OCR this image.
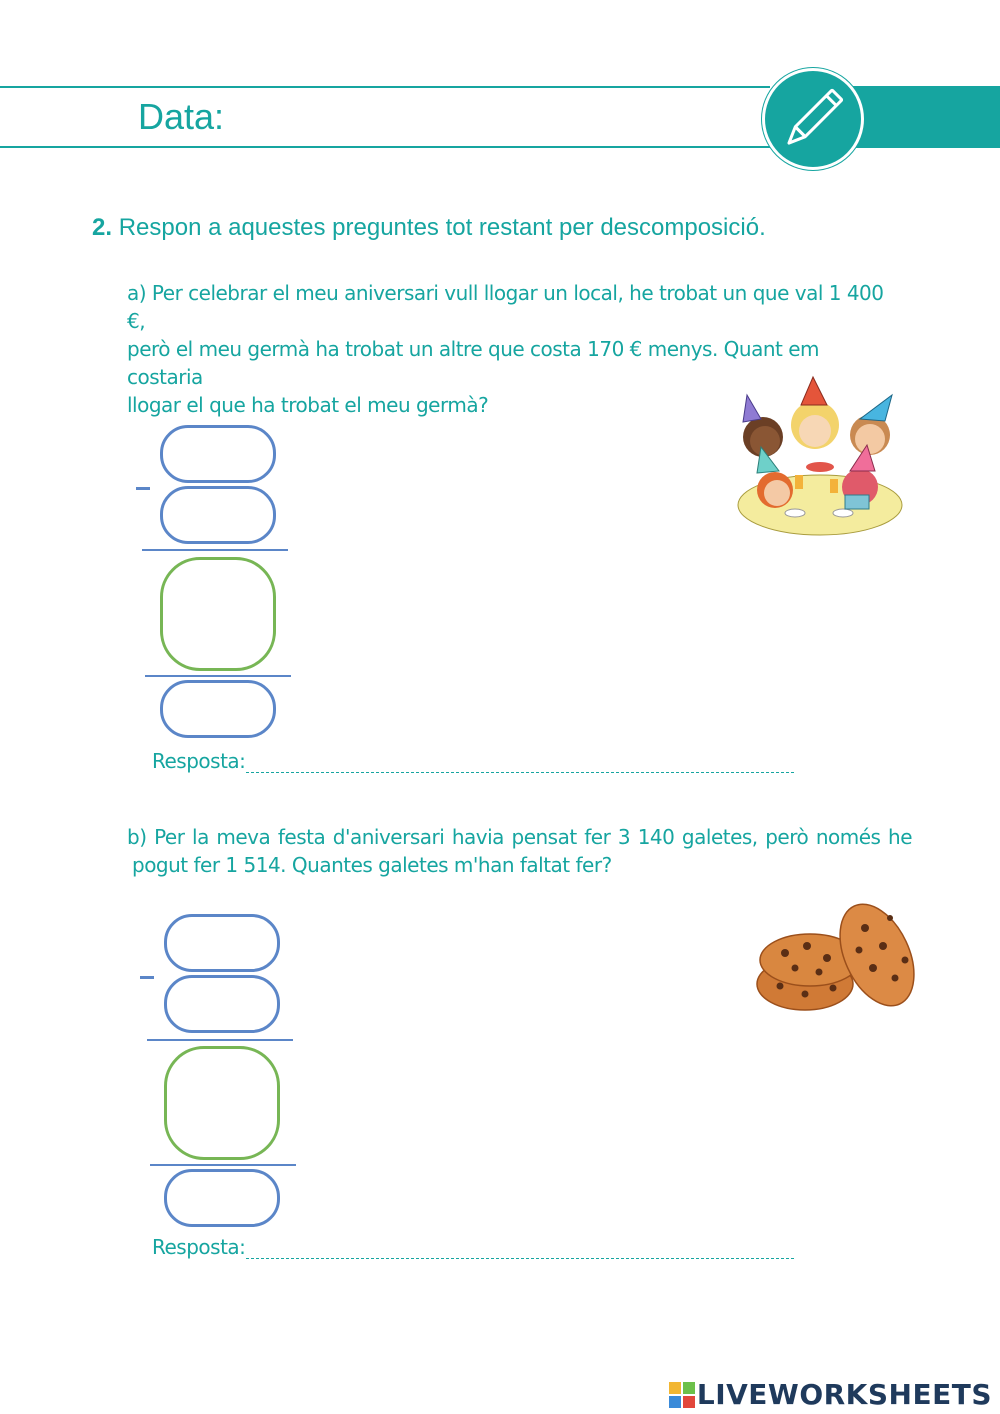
Data:
2. Respon a aquestes preguntes tot restant per descomposició.
a) Per celebrar el meu aniversari vull llogar un local, he trobat un que val 1 400 €,
però el meu germà ha trobat un altre que costa 170 € menys. Quant em costaria
llogar el que ha trobat el meu germà?
Resposta:
b) Per la meva festa d'aniversari havia pensat fer 3 140 galetes, però només he
pogut fer 1 514. Quantes galetes m'han faltat fer?
Resposta:
LIVEWORKSHEETS
